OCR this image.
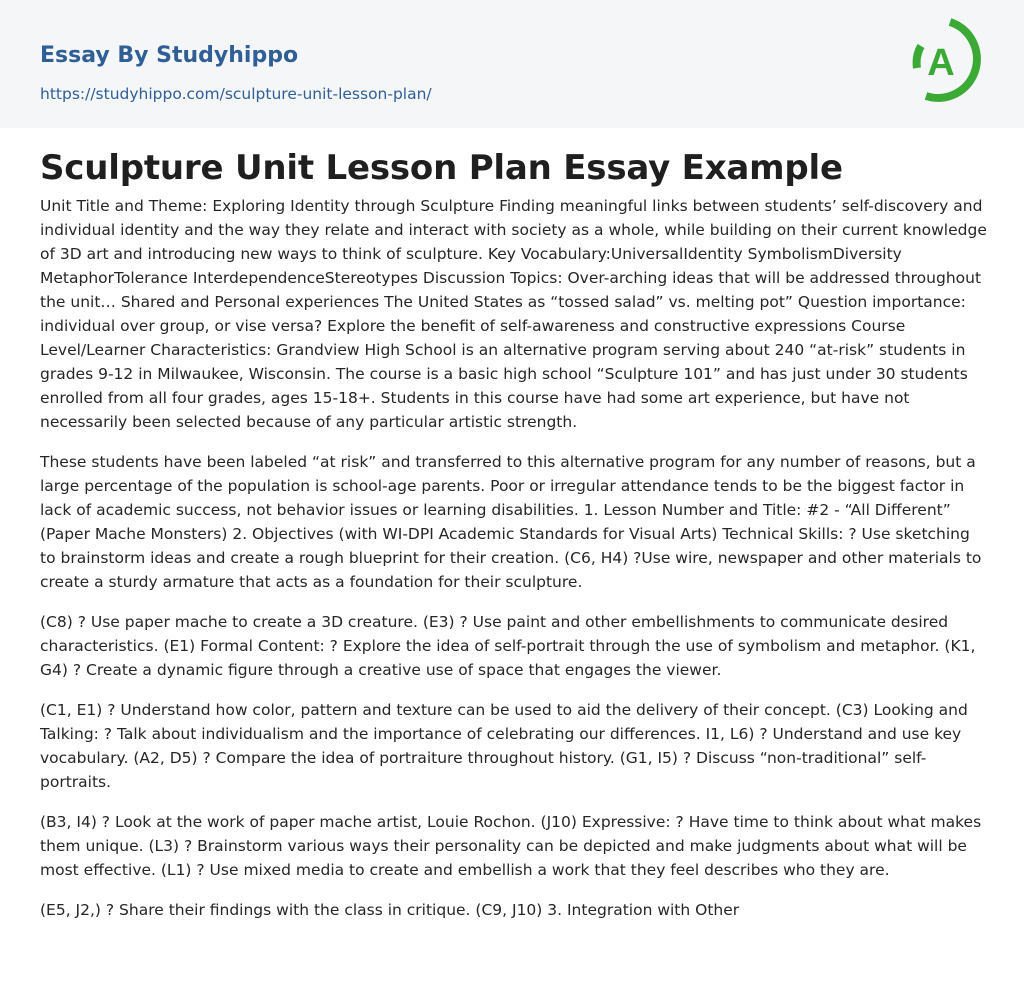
Essay By Studyhippo
https://studyhippo.com/sculpture-unit-lesson-plan/
A
Sculpture Unit Lesson Plan Essay Example

Unit Title and Theme: Exploring Identity through Sculpture Finding meaningful links between students’ self-discovery and individual identity and the way they relate and interact with society as a whole, while building on their current knowledge of 3D art and introducing new ways to think of sculpture. Key Vocabulary:UniversalIdentity SymbolismDiversity MetaphorTolerance InterdependenceStereotypes Discussion Topics: Over-arching ideas that will be addressed throughout the unit… Shared and Personal experiences The United States as “tossed salad” vs. melting pot” Question importance: individual over group, or vise versa? Explore the benefit of self-awareness and constructive expressions Course Level/Learner Characteristics: Grandview High School is an alternative program serving about 240 “at-risk” students in grades 9-12 in Milwaukee, Wisconsin. The course is a basic high school “Sculpture 101” and has just under 30 students enrolled from all four grades, ages 15-18+. Students in this course have had some art experience, but have not necessarily been selected because of any particular artistic strength.

These students have been labeled “at risk” and transferred to this alternative program for any number of reasons, but a large percentage of the population is school-age parents. Poor or irregular attendance tends to be the biggest factor in lack of academic success, not behavior issues or learning disabilities. 1. Lesson Number and Title: #2 - “All Different” (Paper Mache Monsters) 2. Objectives (with WI-DPI Academic Standards for Visual Arts) Technical Skills: ? Use sketching to brainstorm ideas and create a rough blueprint for their creation. (C6, H4) ?Use wire, newspaper and other materials to create a sturdy armature that acts as a foundation for their sculpture.

(C8) ? Use paper mache to create a 3D creature. (E3) ? Use paint and other embellishments to communicate desired characteristics. (E1) Formal Content: ? Explore the idea of self-portrait through the use of symbolism and metaphor. (K1, G4) ? Create a dynamic figure through a creative use of space that engages the viewer.

(C1, E1) ? Understand how color, pattern and texture can be used to aid the delivery of their concept. (C3) Looking and Talking: ? Talk about individualism and the importance of celebrating our differences. I1, L6) ? Understand and use key vocabulary. (A2, D5) ? Compare the idea of portraiture throughout history. (G1, I5) ? Discuss “non-traditional” self-portraits.

(B3, I4) ? Look at the work of paper mache artist, Louie Rochon. (J10) Expressive: ? Have time to think about what makes them unique. (L3) ? Brainstorm various ways their personality can be depicted and make judgments about what will be most effective. (L1) ? Use mixed media to create and embellish a work that they feel describes who they are.

(E5, J2,) ? Share their findings with the class in critique. (C9, J10) 3. Integration with Other
